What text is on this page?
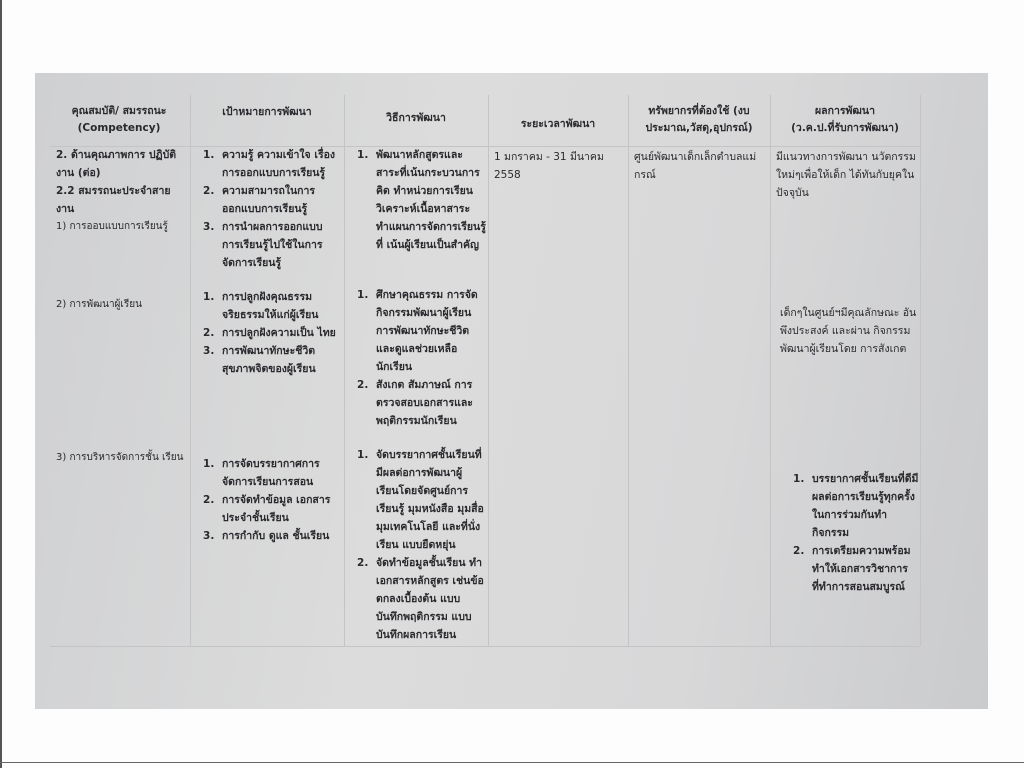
คุณสมบัติ/ สมรรถนะ
(Competency)
เป้าหมายการพัฒนา	วิธีการพัฒนา	ระยะเวลาพัฒนา
ทรัพยากรที่ต้องใช้ (งบประมาณ,วัสดุ,อุปกรณ์)
ผลการพัฒนา
(ว.ค.ป.ที่รับการพัฒนา)
2. ด้านคุณภาพการ ปฏิบัติงาน (ต่อ)
2.2 สมรรถนะประจำสายงาน
1) การออบแบบการเรียนรู้
1. ความรู้ ความเข้าใจ เรื่องการออกแบบการเรียนรู้
2. ความสามารถในการ ออกแบบการเรียนรู้
3. การนำผลการออกแบบ การเรียนรู้ไปใช้ในการจัดการเรียนรู้
1. พัฒนาหลักสูตรและ สาระที่เน้นกระบวนการ คิด ทำหน่วยการเรียน วิเคราะห์เนื้อหาสาระ ทำแผนการจัดการเรียนรู้ที่ เน้นผู้เรียนเป็นสำคัญ
1 มกราคม - 31 มีนาคม 2558
ศูนย์พัฒนาเด็กเล็กตำบลแม่ กรณ์
มีแนวทางการพัฒนา นวัตกรรมใหม่ๆเพื่อให้เด็ก ได้ทันกับยุคในปัจจุบัน
2) การพัฒนาผู้เรียน
1. การปลูกฝังคุณธรรม จริยธรรมให้แก่ผู้เรียน
2. การปลูกฝังความเป็น ไทย
3. การพัฒนาทักษะชีวิต สุขภาพจิตของผู้เรียน
1. ศึกษาคุณธรรม การจัด กิจกรรมพัฒนาผู้เรียน การพัฒนาทักษะชีวิต และดูแลช่วยเหลือ นักเรียน
2. สังเกต สัมภาษณ์ การ ตรวจสอบเอกสารและ พฤติกรรมนักเรียน
เด็กๆในศูนย์ฯมีคุณลักษณะ อันพึงประสงค์ และผ่าน กิจกรรมพัฒนาผู้เรียนโดย การสังเกต
3) การบริหารจัดการชั้น เรียน
1. การจัดบรรยากาศการ จัดการเรียนการสอน
2. การจัดทำข้อมูล เอกสาร ประจำชั้นเรียน
3. การกำกับ ดูแล ชั้นเรียน
1. จัดบรรยากาศชั้นเรียนที่ มีผลต่อการพัฒนาผู้ เรียนโดยจัดศูนย์การ เรียนรู้ มุมหนังสือ มุมสื่อ มุมเทคโนโลยี และที่นั่ง เรียน แบบยืดหยุ่น
2. จัดทำข้อมูลชั้นเรียน ทำ เอกสารหลักสูตร เช่นข้อ ตกลงเบื้องต้น แบบ บันทึกพฤติกรรม แบบ บันทึกผลการเรียน
1. บรรยากาศชั้นเรียนที่ดีมี ผลต่อการเรียนรู้ทุกครั้ง ในการร่วมกันทำ กิจกรรม
2. การเตรียมความพร้อม ทำให้เอกสารวิชาการ ที่ทำการสอนสมบูรณ์
